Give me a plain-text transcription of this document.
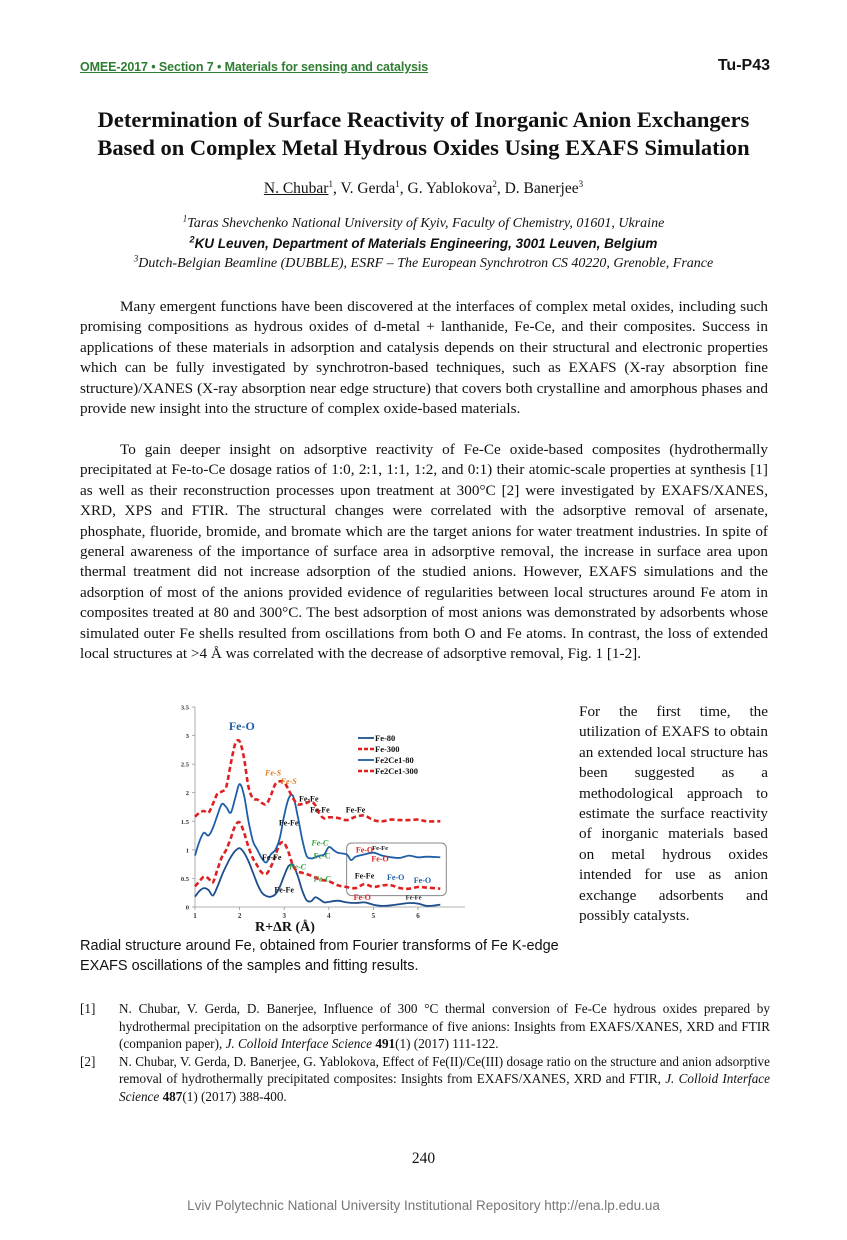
OMEE-2017 • Section 7 • Materials for sensing and catalysis	Tu-P43
Determination of Surface Reactivity of Inorganic Anion Exchangers
Based on Complex Metal Hydrous Oxides Using EXAFS Simulation
N. Chubar$^1$, V. Gerda$^1$, G. Yablokova$^2$, D. Banerjee$^3$
$^1$Taras Shevchenko National University of Kyiv, Faculty of Chemistry, 01601, Ukraine
$^2$KU Leuven, Department of Materials Engineering, 3001 Leuven, Belgium
$^3$Dutch-Belgian Beamline (DUBBLE), ESRF – The European Synchrotron CS 40220, Grenoble, France

Many emergent functions have been discovered at the interfaces of complex metal oxides, including such promising compositions as hydrous oxides of d-metal + lanthanide, Fe-Ce, and their composites. Success in applications of these materials in adsorption and catalysis depends on their structural and electronic properties which can be fully investigated by synchrotron-based techniques, such as EXAFS (X-ray absorption fine structure)/XANES (X-ray absorption near edge structure) that covers both crystalline and amorphous phases and provide new insight into the structure of complex oxide-based materials.

To gain deeper insight on adsorptive reactivity of Fe-Ce oxide-based composites (hydrothermally precipitated at Fe-to-Ce dosage ratios of 1:0, 2:1, 1:1, 1:2, and 0:1) their atomic-scale properties at synthesis [1] as well as their reconstruction processes upon treatment at 300°C [2] were investigated by EXAFS/XANES, XRD, XPS and FTIR. The structural changes were correlated with the adsorptive removal of arsenate, phosphate, fluoride, bromide, and bromate which are the target anions for water treatment industries. In spite of general awareness of the importance of surface area in adsorptive removal, the increase in surface area upon thermal treatment did not increase adsorption of the studied anions. However, EXAFS simulations and the adsorption of most of the anions provided evidence of regularities between local structures around Fe atom in composites treated at 80 and 300°C. The best adsorption of most anions was demonstrated by adsorbents whose simulated outer Fe shells resulted from oscillations from both O and Fe atoms. In contrast, the loss of extended local structures at >4 Å was correlated with the decrease of adsorptive removal, Fig. 1 [1-2].

0
0.5
1
1.5
2
2.5
3
3.5
1	2	3	4	5	6
Fe-O
Fe-S
Fe-S
Fe-Fe
Fe-Fe Fe-Fe
Fe-Fe
Fe-C
Fe-C
Fe-O Fe-Fe
Fe-O
Fe-Fe
Fe-C
Fe-C	Fe-Fe Fe-O Fe-O
Fe-Fe
Fe-O	Fe-Fe
Fe-80
Fe-300
Fe2Ce1-80
Fe2Ce1-300
R+ΔR (Å)
Radial structure around Fe, obtained from Fourier transforms of Fe K-edge EXAFS oscillations of the samples and fitting results.
For the first time, the utilization of EXAFS to obtain an extended local structure has been suggested as a methodological approach to estimate the surface reactivity of inorganic materials based on metal hydrous oxides intended for use as anion exchange adsorbents and possibly catalysts.
[1]	N. Chubar, V. Gerda, D. Banerjee, Influence of 300 °C thermal conversion of Fe-Ce hydrous oxides prepared by hydrothermal precipitation on the adsorptive performance of five anions: Insights from EXAFS/XANES, XRD and FTIR (companion paper), J. Colloid Interface Science 491(1) (2017) 111-122.
[2]	N. Chubar, V. Gerda, D. Banerjee, G. Yablokova, Effect of Fe(II)/Ce(III) dosage ratio on the structure and anion adsorptive removal of hydrothermally precipitated composites: Insights from EXAFS/XANES, XRD and FTIR, J. Colloid Interface Science 487(1) (2017) 388-400.
240
Lviv Polytechnic National University Institutional Repository http://ena.lp.edu.ua
